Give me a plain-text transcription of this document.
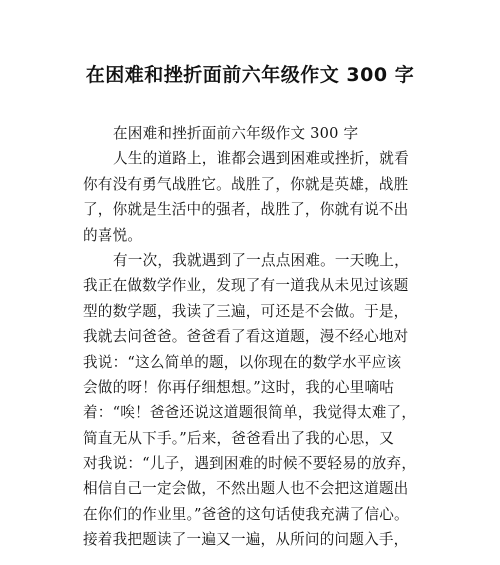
在困难和挫折面前六年级作文 300 字
在困难和挫折面前六年级作文 300 字
人生的道路上，谁都会遇到困难或挫折，就看
你有没有勇气战胜它。战胜了，你就是英雄，战胜
了，你就是生活中的强者，战胜了，你就有说不出
的喜悦。
有一次，我就遇到了一点点困难。一天晚上，
我正在做数学作业，发现了有一道我从未见过该题
型的数学题，我读了三遍，可还是不会做。于是，
我就去问爸爸。爸爸看了看这道题，漫不经心地对
我说：“这么简单的题，以你现在的数学水平应该
会做的呀！你再仔细想想。”这时，我的心里嘀咕
着：“唉！爸爸还说这道题很简单，我觉得太难了，
简直无从下手。”后来，爸爸看出了我的心思，又
对我说：“儿子，遇到困难的时候不要轻易的放弃，
相信自己一定会做，不然出题人也不会把这道题出
在你们的作业里。”爸爸的这句话使我充满了信心。
接着我把题读了一遍又一遍，从所问的问题入手，
